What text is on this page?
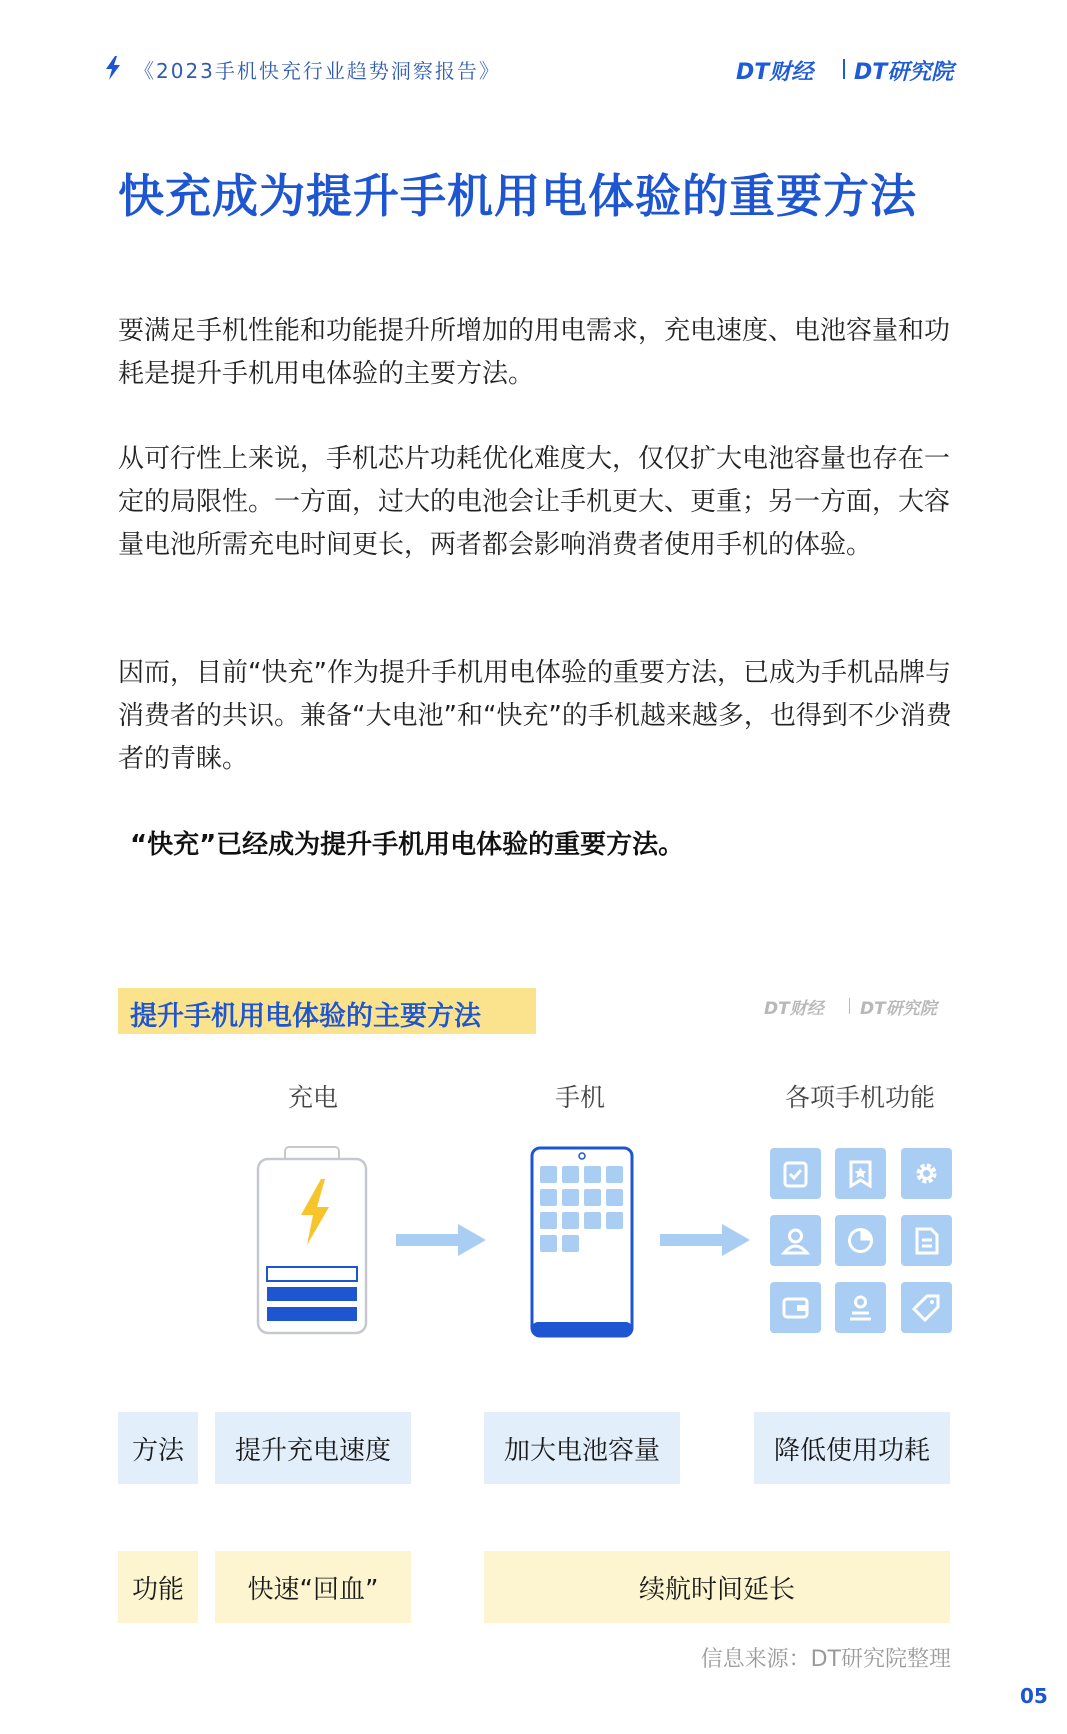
《2023手机快充行业趋势洞察报告》	DT财经 DT研究院
快充成为提升手机用电体验的重要方法

要满足手机性能和功能提升所增加的用电需求，充电速度、电池容量和功耗是提升手机用电体验的主要方法。

从可行性上来说，手机芯片功耗优化难度大，仅仅扩大电池容量也存在一定的局限性。一方面，过大的电池会让手机更大、更重；另一方面，大容量电池所需充电时间更长，两者都会影响消费者使用手机的体验。

因而，目前“快充”作为提升手机用电体验的重要方法，已成为手机品牌与消费者的共识。兼备“大电池”和“快充”的手机越来越多，也得到不少消费者的青睐。

“快充”已经成为提升手机用电体验的重要方法。

提升手机用电体验的主要方法	DT财经 DT研究院
充电	手机	各项手机功能
方法	提升充电速度	加大电池容量	降低使用功耗
功能	快速“回血”	续航时间延长
信息来源：DT研究院整理
05
